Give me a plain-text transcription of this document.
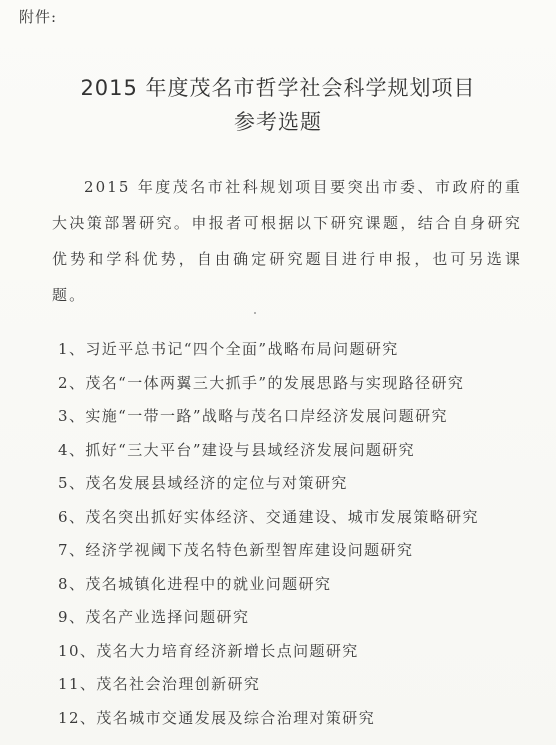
附件:
2015 年度茂名市哲学社会科学规划项目
参考选题
2015 年度茂名市社科规划项目要突出市委、市政府的重大决策部署研究。申报者可根据以下研究课题，结合自身研究优势和学科优势，自由确定研究题目进行申报，也可另选课题。
1、习近平总书记“四个全面”战略布局问题研究
2、茂名“一体两翼三大抓手”的发展思路与实现路径研究
3、实施“一带一路”战略与茂名口岸经济发展问题研究
4、抓好“三大平台”建设与县域经济发展问题研究
5、茂名发展县域经济的定位与对策研究
6、茂名突出抓好实体经济、交通建设、城市发展策略研究
7、经济学视阈下茂名特色新型智库建设问题研究
8、茂名城镇化进程中的就业问题研究
9、茂名产业选择问题研究
10、茂名大力培育经济新增长点问题研究
11、茂名社会治理创新研究
12、茂名城市交通发展及综合治理对策研究
